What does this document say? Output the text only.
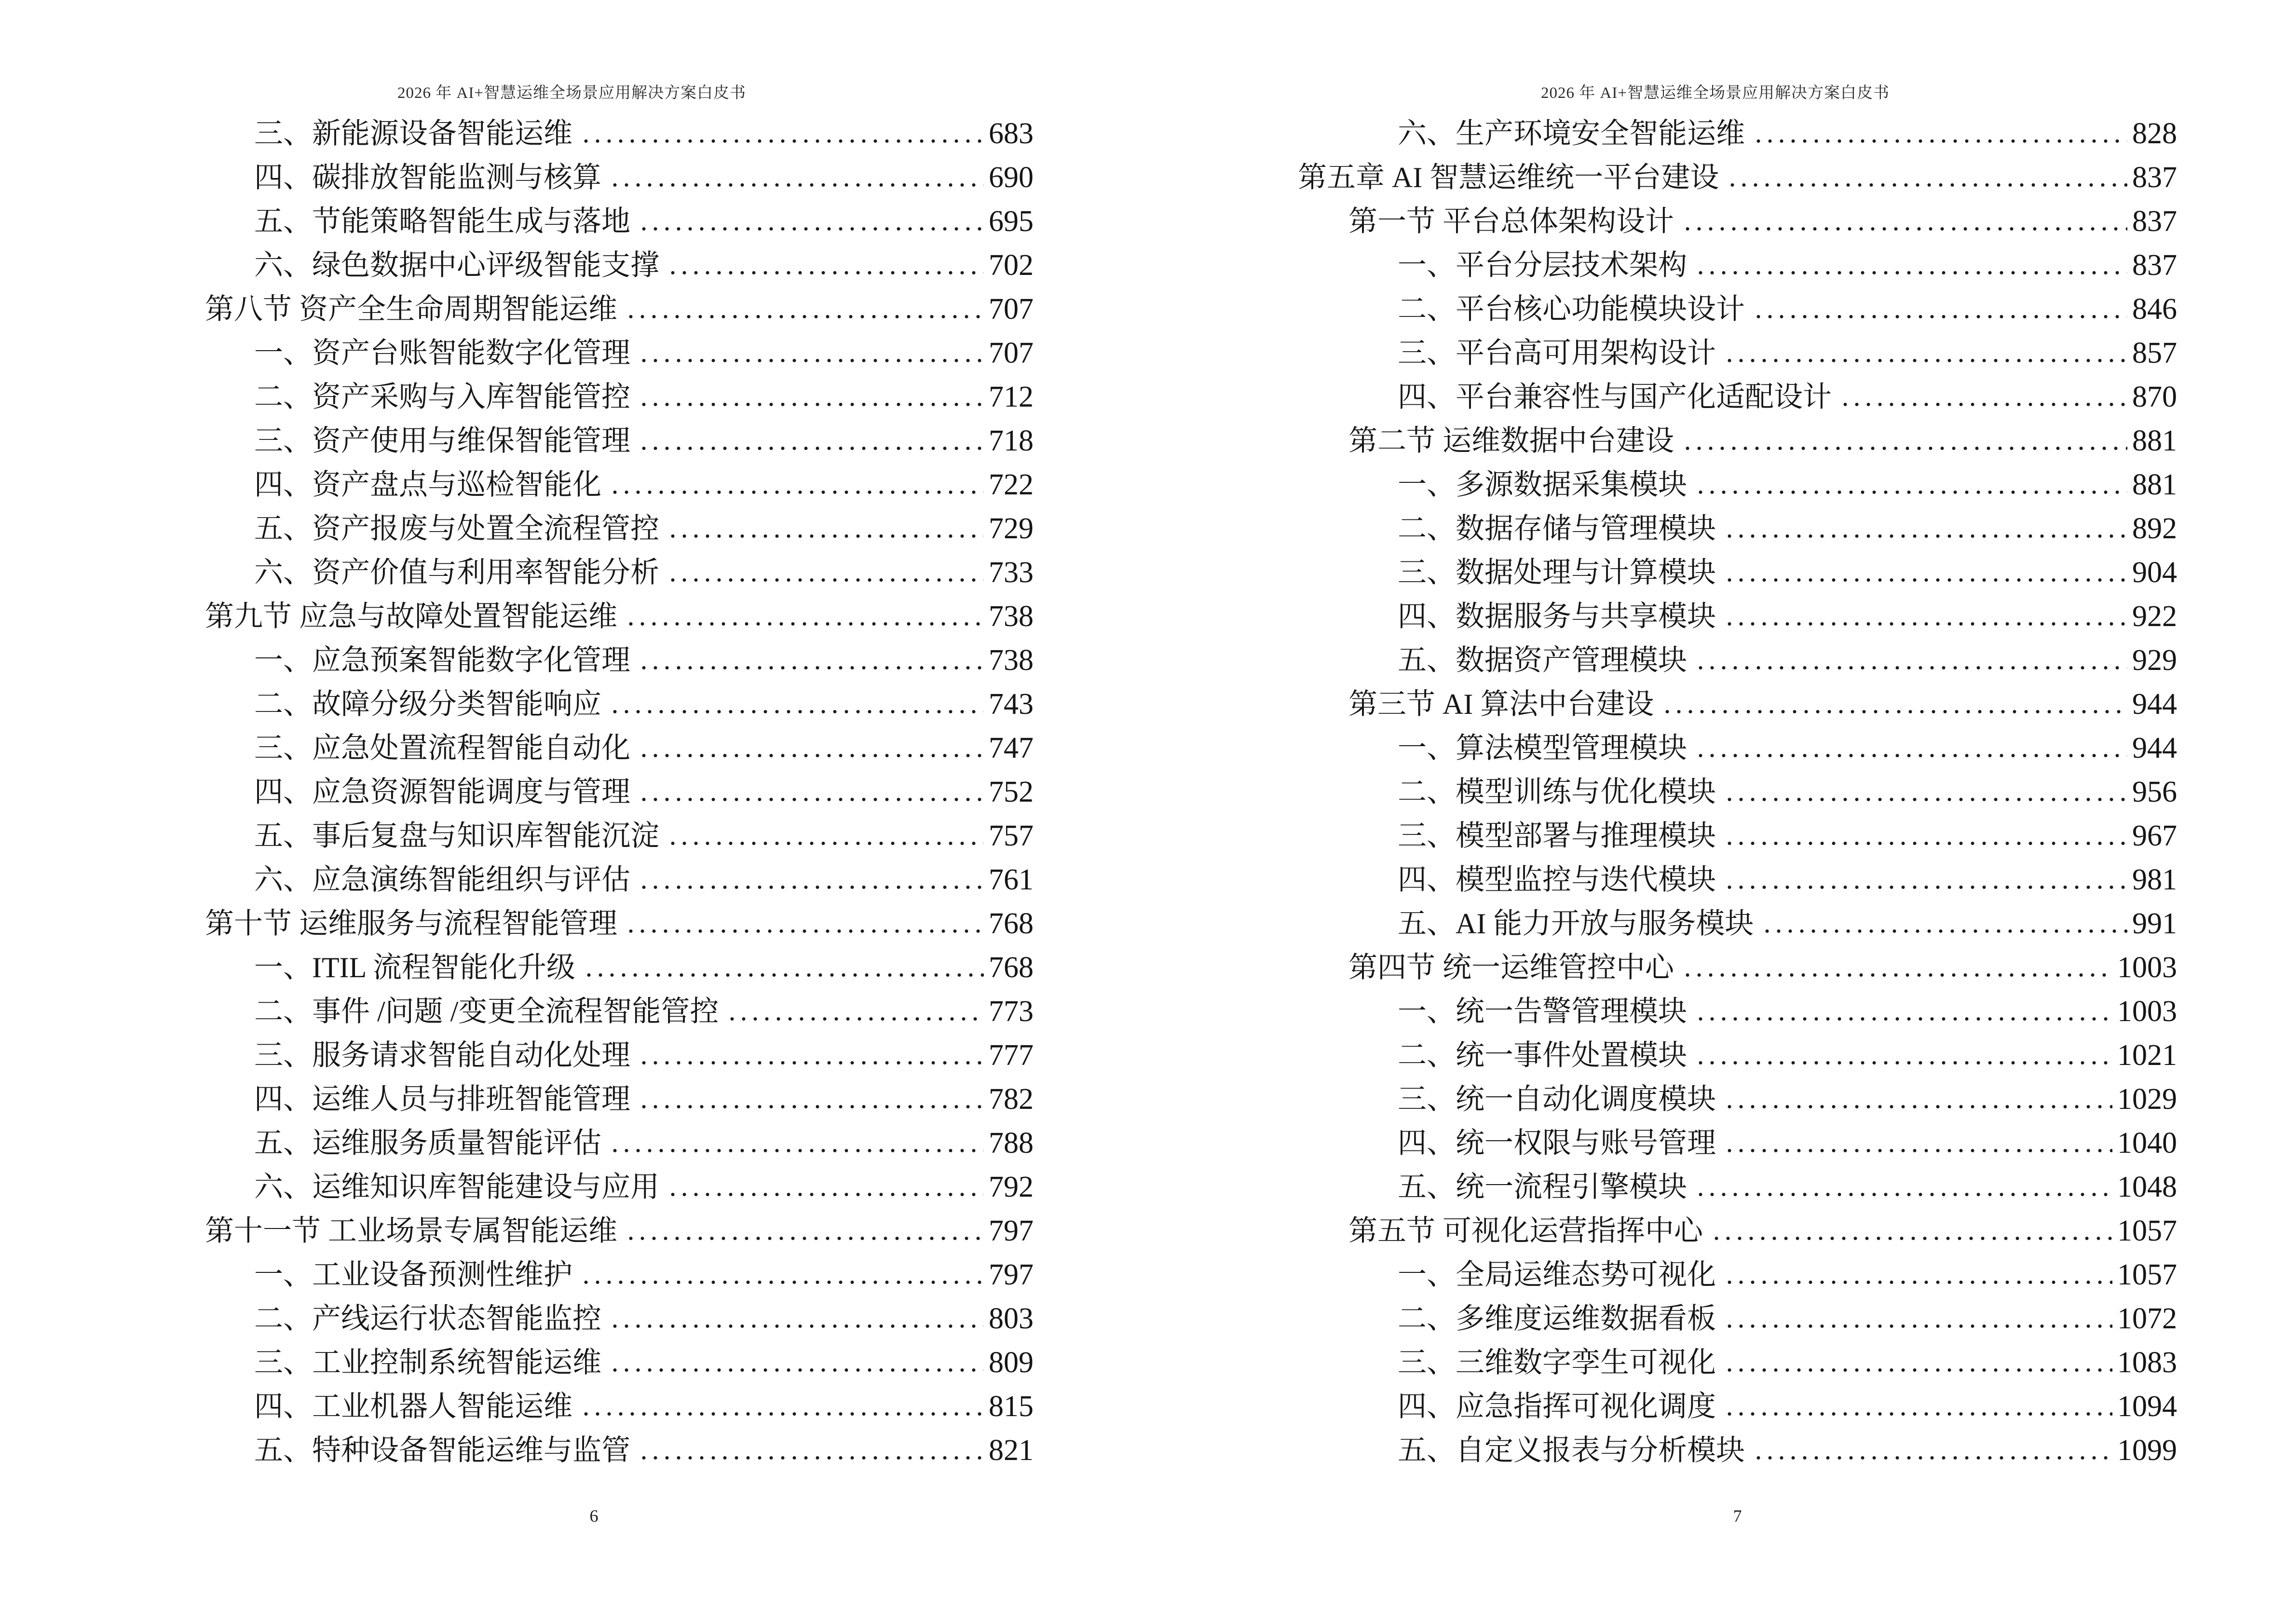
2026 年 AI+智慧运维全场景应用解决方案白皮书
三、新能源设备智能运维	683
四、碳排放智能监测与核算	690
五、节能策略智能生成与落地	695
六、绿色数据中心评级智能支撑	702
第八节 资产全生命周期智能运维	707
一、资产台账智能数字化管理	707
二、资产采购与入库智能管控	712
三、资产使用与维保智能管理	718
四、资产盘点与巡检智能化	722
五、资产报废与处置全流程管控	729
六、资产价值与利用率智能分析	733
第九节 应急与故障处置智能运维	738
一、应急预案智能数字化管理	738
二、故障分级分类智能响应	743
三、应急处置流程智能自动化	747
四、应急资源智能调度与管理	752
五、事后复盘与知识库智能沉淀	757
六、应急演练智能组织与评估	761
第十节 运维服务与流程智能管理	768
一、ITIL 流程智能化升级	768
二、事件 /问题 /变更全流程智能管控	773
三、服务请求智能自动化处理	777
四、运维人员与排班智能管理	782
五、运维服务质量智能评估	788
六、运维知识库智能建设与应用	792
第十一节 工业场景专属智能运维	797
一、工业设备预测性维护	797
二、产线运行状态智能监控	803
三、工业控制系统智能运维	809
四、工业机器人智能运维	815
五、特种设备智能运维与监管	821
6
2026 年 AI+智慧运维全场景应用解决方案白皮书
六、生产环境安全智能运维	828
第五章 AI 智慧运维统一平台建设	837
第一节 平台总体架构设计	837
一、平台分层技术架构	837
二、平台核心功能模块设计	846
三、平台高可用架构设计	857
四、平台兼容性与国产化适配设计	870
第二节 运维数据中台建设	881
一、多源数据采集模块	881
二、数据存储与管理模块	892
三、数据处理与计算模块	904
四、数据服务与共享模块	922
五、数据资产管理模块	929
第三节 AI 算法中台建设	944
一、算法模型管理模块	944
二、模型训练与优化模块	956
三、模型部署与推理模块	967
四、模型监控与迭代模块	981
五、AI 能力开放与服务模块	991
第四节 统一运维管控中心	1003
一、统一告警管理模块	1003
二、统一事件处置模块	1021
三、统一自动化调度模块	1029
四、统一权限与账号管理	1040
五、统一流程引擎模块	1048
第五节 可视化运营指挥中心	1057
一、全局运维态势可视化	1057
二、多维度运维数据看板	1072
三、三维数字孪生可视化	1083
四、应急指挥可视化调度	1094
五、自定义报表与分析模块	1099
7
